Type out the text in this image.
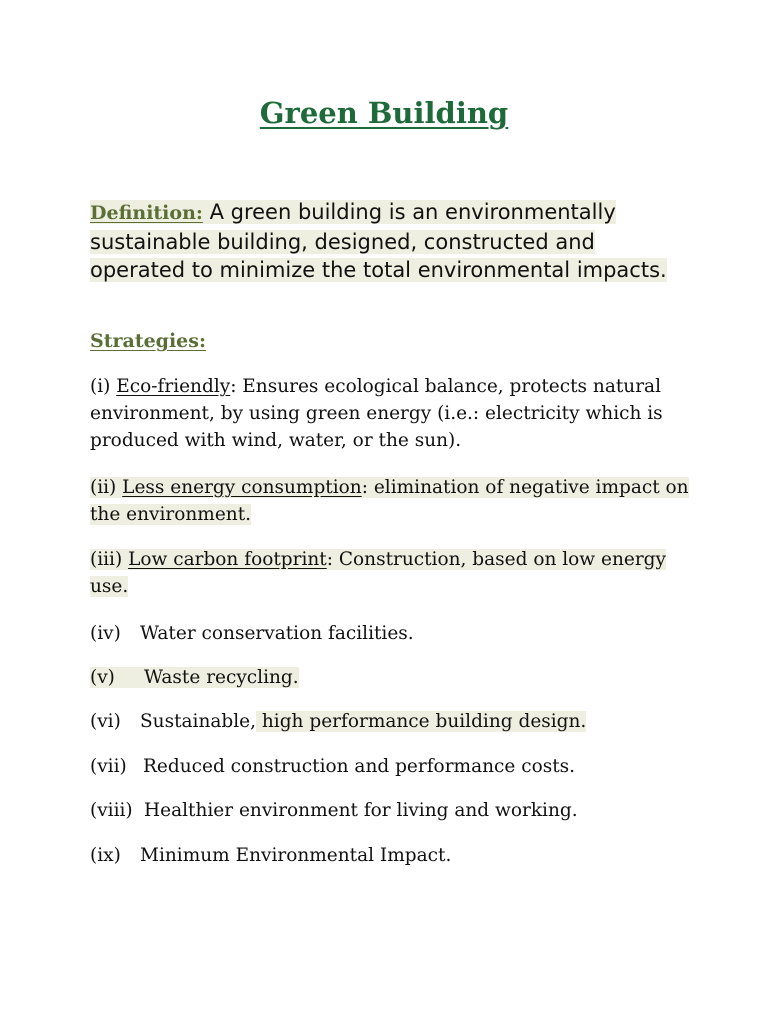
Green Building
Definition: A green building is an environmentally sustainable building, designed, constructed and operated to minimize the total environmental impacts.
Strategies:
(i) Eco-friendly: Ensures ecological balance, protects natural environment, by using green energy (i.e.: electricity which is produced with wind, water, or the sun).
(ii) Less energy consumption: elimination of negative impact on the environment.
(iii) Low carbon footprint: Construction, based on low energy use.
(iv) Water conservation facilities.
(v) Waste recycling.
(vi) Sustainable, high performance building design.
(vii) Reduced construction and performance costs.
(viii) Healthier environment for living and working.
(ix) Minimum Environmental Impact.
